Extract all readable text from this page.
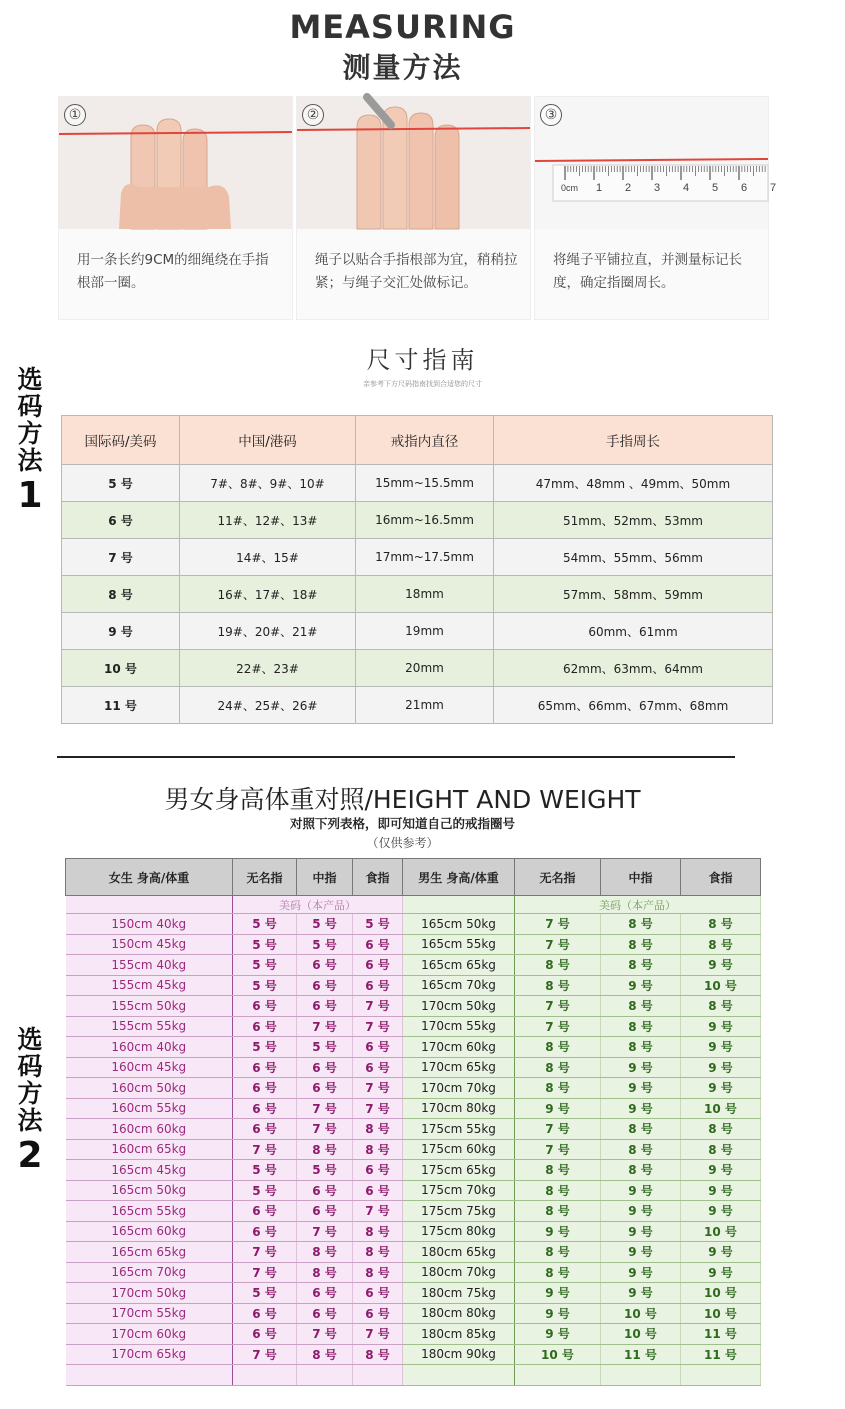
MEASURING
测量方法
①
用一条长约9CM的细绳绕在手指根部一圈。
②
绳子以贴合手指根部为宜，稍稍拉紧；与绳子交汇处做标记。
0cm 1 2 3 4 5 6 7
③
将绳子平铺拉直，并测量标记长度，确定指圈周长。
选码方法
1
尺寸指南
亲参考下方尺码指南找到合适您的尺寸
国际码/美码	中国/港码	戒指内直径	手指周长
5 号	7#、8#、9#、10#	15mm~15.5mm	47mm、48mm 、49mm、50mm
6 号	11#、12#、13#	16mm~16.5mm	51mm、52mm、53mm
7 号	14#、15#	17mm~17.5mm	54mm、55mm、56mm
8 号	16#、17#、18#	18mm	57mm、58mm、59mm
9 号	19#、20#、21#	19mm	60mm、61mm
10 号	22#、23#	20mm	62mm、63mm、64mm
11 号	24#、25#、26#	21mm	65mm、66mm、67mm、68mm
选码方法
2
男女身高体重对照/HEIGHT AND WEIGHT
对照下列表格，即可知道自己的戒指圈号
（仅供参考）
女生 身高/体重	无名指	中指	食指	男生 身高/体重	无名指	中指	食指
	美码（本产品）				美码（本产品）		
150cm 40kg	5 号	5 号	5 号	165cm 50kg	7 号	8 号	8 号
150cm 45kg	5 号	5 号	6 号	165cm 55kg	7 号	8 号	8 号
155cm 40kg	5 号	6 号	6 号	165cm 65kg	8 号	8 号	9 号
155cm 45kg	5 号	6 号	6 号	165cm 70kg	8 号	9 号	10 号
155cm 50kg	6 号	6 号	7 号	170cm 50kg	7 号	8 号	8 号
155cm 55kg	6 号	7 号	7 号	170cm 55kg	7 号	8 号	9 号
160cm 40kg	5 号	5 号	6 号	170cm 60kg	8 号	8 号	9 号
160cm 45kg	6 号	6 号	6 号	170cm 65kg	8 号	9 号	9 号
160cm 50kg	6 号	6 号	7 号	170cm 70kg	8 号	9 号	9 号
160cm 55kg	6 号	7 号	7 号	170cm 80kg	9 号	9 号	10 号
160cm 60kg	6 号	7 号	8 号	175cm 55kg	7 号	8 号	8 号
160cm 65kg	7 号	8 号	8 号	175cm 60kg	7 号	8 号	8 号
165cm 45kg	5 号	5 号	6 号	175cm 65kg	8 号	8 号	9 号
165cm 50kg	5 号	6 号	6 号	175cm 70kg	8 号	9 号	9 号
165cm 55kg	6 号	6 号	7 号	175cm 75kg	8 号	9 号	9 号
165cm 60kg	6 号	7 号	8 号	175cm 80kg	9 号	9 号	10 号
165cm 65kg	7 号	8 号	8 号	180cm 65kg	8 号	9 号	9 号
165cm 70kg	7 号	8 号	8 号	180cm 70kg	8 号	9 号	9 号
170cm 50kg	5 号	6 号	6 号	180cm 75kg	9 号	9 号	10 号
170cm 55kg	6 号	6 号	6 号	180cm 80kg	9 号	10 号	10 号
170cm 60kg	6 号	7 号	7 号	180cm 85kg	9 号	10 号	11 号
170cm 65kg	7 号	8 号	8 号	180cm 90kg	10 号	11 号	11 号
